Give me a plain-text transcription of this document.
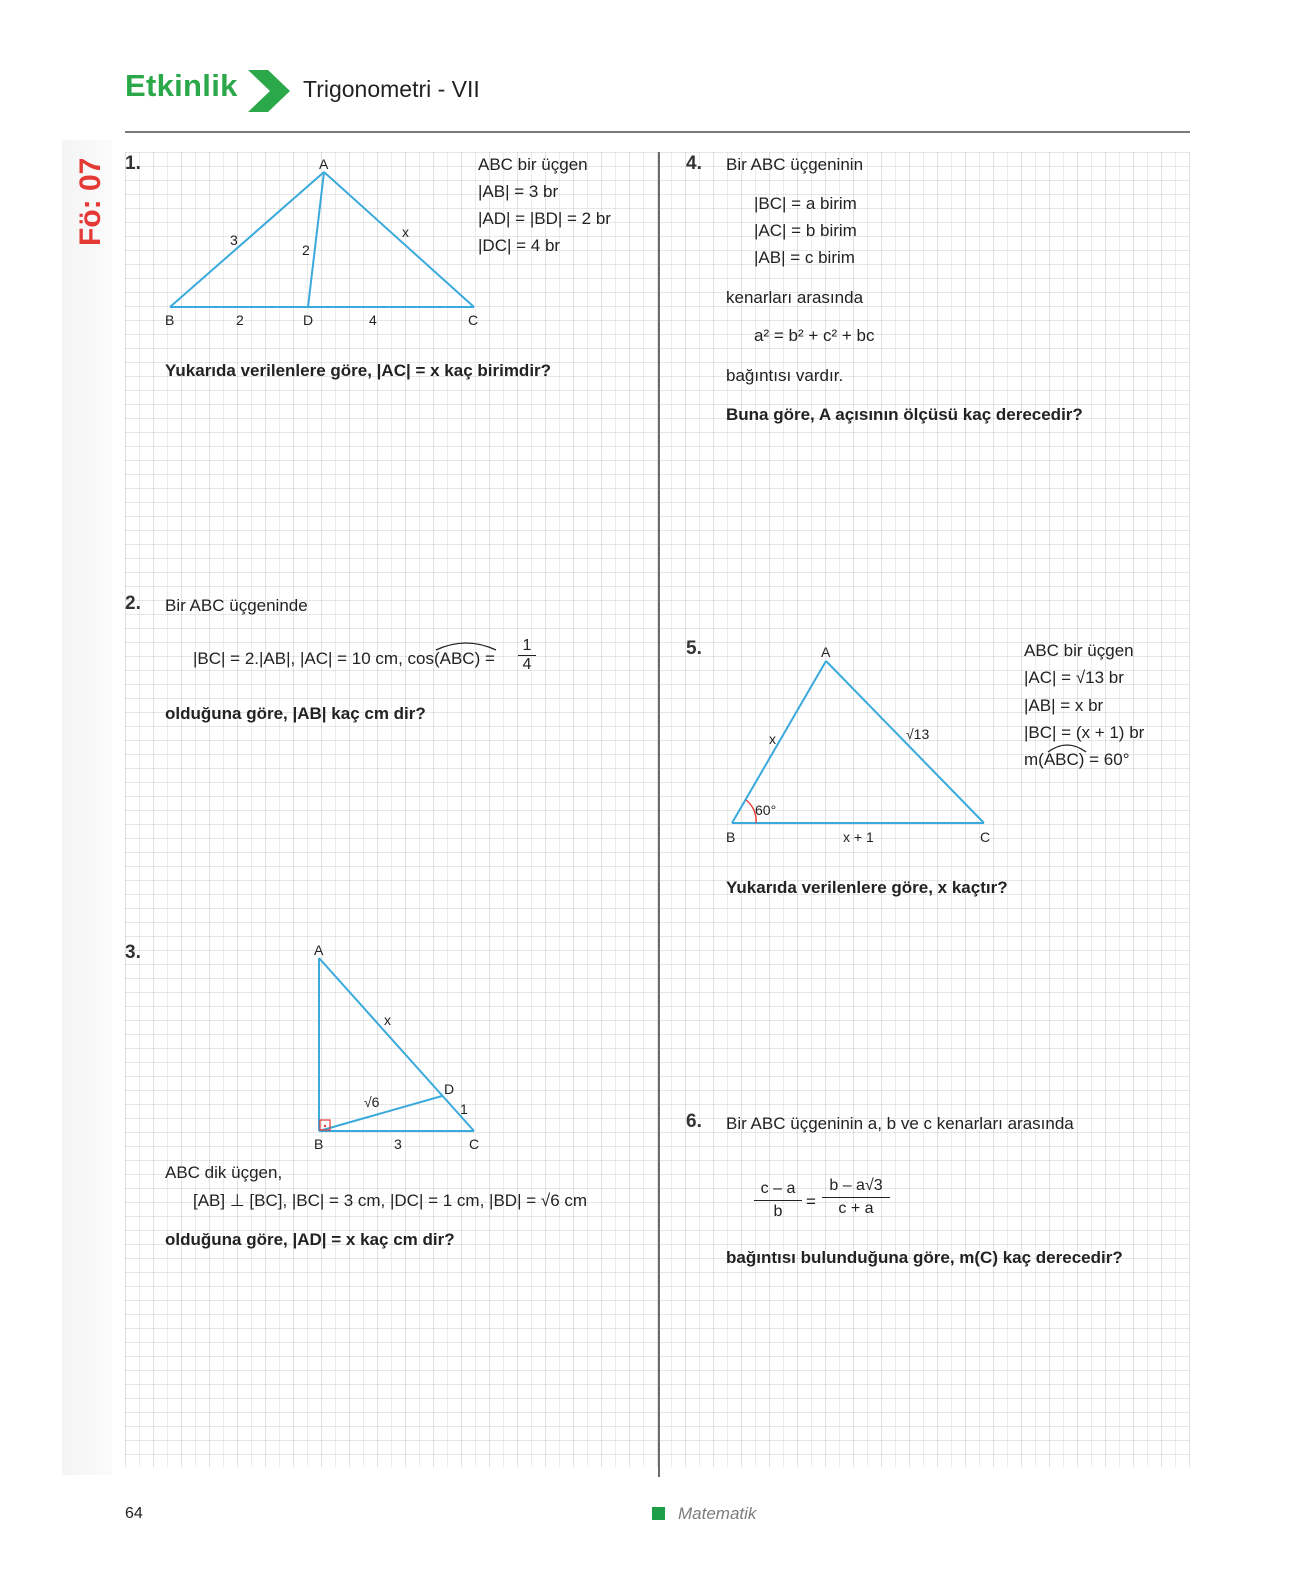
Etkinlik	Trigonometri - VII
Fö: 07 1.	A
B	C
D
3
2
x
2	4
ABC bir üçgen
|AB| = 3 br
|AD| = |BD| = 2 br
|DC| = 4 br
Yukarıda verilenlere göre, |AC| = x kaç birimdir?
2. Bir ABC üçgeninde
|BC| = 2.|AB|, |AC| = 10 cm, cos(ABC) =
1
4
olduğuna göre, |AB| kaç cm dir?
3.	A
B	C
D
x
√6	1
3
ABC dik üçgen,
[AB] ⊥ [BC], |BC| = 3 cm, |DC| = 1 cm, |BD| = √6 cm
olduğuna göre, |AD| = x kaç cm dir?
4. Bir ABC üçgeninin
|BC| = a birim
|AC| = b birim
|AB| = c birim
kenarları arasında
a² = b² + c² + bc
bağıntısı vardır.
Buna göre, A açısının ölçüsü kaç derecedir?
5.	A
B	C
x	√13
x + 1
60°
ABC bir üçgen
|AC| = √13 br
|AB| = x br
|BC| = (x + 1) br
m(ABC) = 60°
Yukarıda verilenlere göre, x kaçtır?
6. Bir ABC üçgeninin a, b ve c kenarları arasında
c – a
b
=
b – a√3
c + a
bağıntısı bulunduğuna göre, m(C) kaç derecedir?
64	Matematik
